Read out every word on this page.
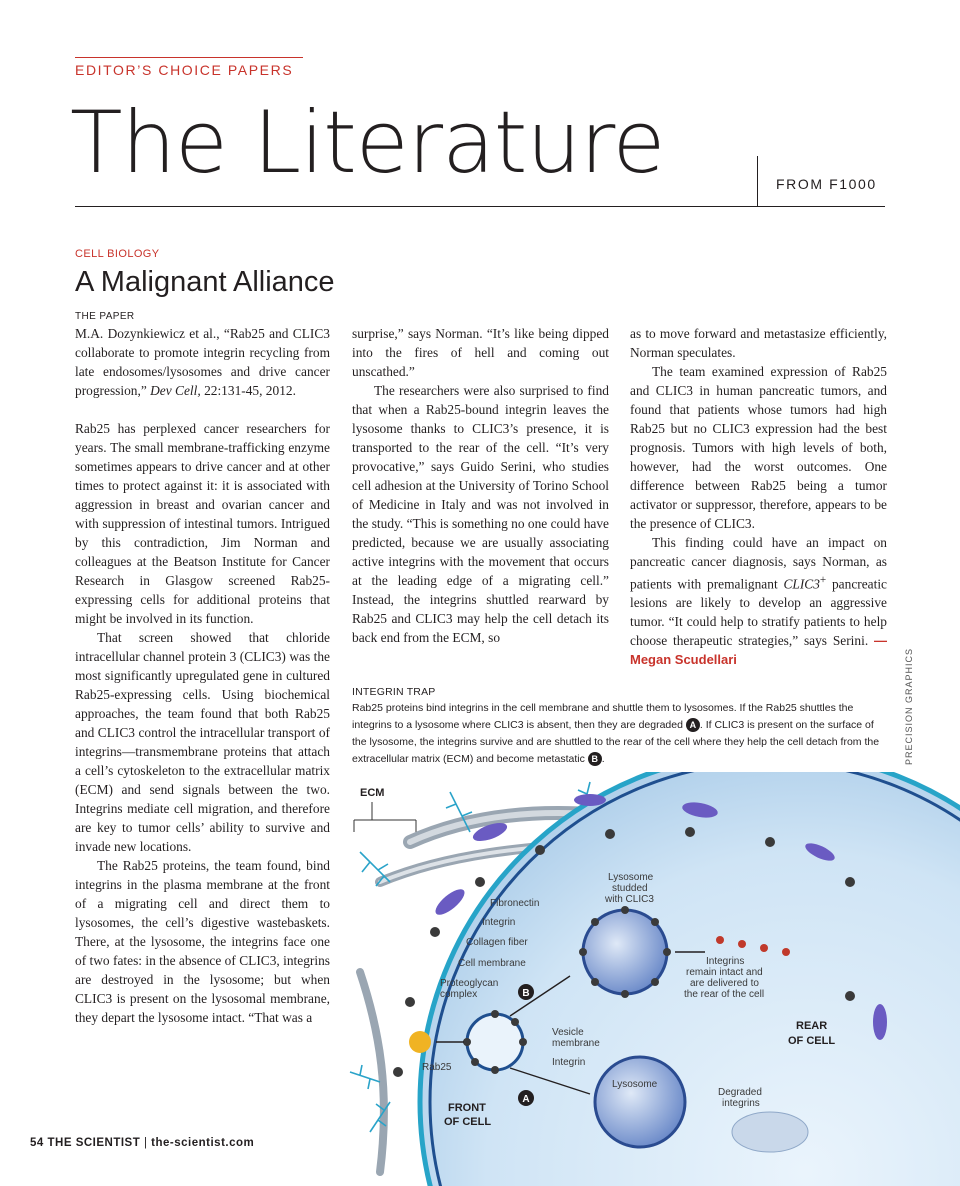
EDITOR’S CHOICE PAPERS
The Literature	FROM F1000
CELL BIOLOGY
A Malignant Alliance
THE PAPER

M.A. Dozynkiewicz et al., “Rab25 and CLIC3 collaborate to promote integrin recycling from late endosomes/lysosomes and drive cancer progression,” Dev Cell, 22:131-45, 2012.

Rab25 has perplexed cancer researchers for years. The small membrane-trafficking enzyme sometimes appears to drive cancer and at other times to protect against it: it is associated with aggression in breast and ovarian cancer and with suppression of intestinal tumors. Intrigued by this contradiction, Jim Norman and colleagues at the Beatson Institute for Cancer Research in Glasgow screened Rab25-expressing cells for additional proteins that might be involved in its function.

That screen showed that chloride intracellular channel protein 3 (CLIC3) was the most significantly upregulated gene in cultured Rab25-expressing cells. Using biochemical approaches, the team found that both Rab25 and CLIC3 control the intracellular transport of integrins—transmembrane proteins that attach a cell’s cytoskeleton to the extracellular matrix (ECM) and send signals between the two. Integrins mediate cell migration, and therefore are key to tumor cells’ ability to survive and invade new locations.

The Rab25 proteins, the team found, bind integrins in the plasma membrane at the front of a migrating cell and direct them to lysosomes, the cell’s digestive wastebaskets. There, at the lysosome, the integrins face one of two fates: in the absence of CLIC3, integrins are destroyed in the lysosome; but when CLIC3 is present on the lysosomal membrane, they depart the lysosome intact. “That was a

surprise,” says Norman. “It’s like being dipped into the fires of hell and coming out unscathed.”

The researchers were also surprised to find that when a Rab25-bound integrin leaves the lysosome thanks to CLIC3’s presence, it is transported to the rear of the cell. “It’s very provocative,” says Guido Serini, who studies cell adhesion at the University of Torino School of Medicine in Italy and was not involved in the study. “This is something no one could have predicted, because we are usually associating active integrins with the movement that occurs at the leading edge of a migrating cell.” Instead, the integrins shuttled rearward by Rab25 and CLIC3 may help the cell detach its back end from the ECM, so

as to move forward and metastasize efficiently, Norman speculates.

The team examined expression of Rab25 and CLIC3 in human pancreatic tumors, and found that patients whose tumors had high Rab25 but no CLIC3 expression had the best prognosis. Tumors with high levels of both, however, had the worst outcomes. One difference between Rab25 being a tumor activator or suppressor, therefore, appears to be the presence of CLIC3.

This finding could have an impact on pancreatic cancer diagnosis, says Norman, as patients with premalignant CLIC3+ pancreatic lesions are likely to develop an aggressive tumor. “It could help to stratify patients to help choose therapeutic strategies,” says Serini. —Megan Scudellari	PRECISION GRAPHICS
INTEGRIN TRAP
Rab25 proteins bind integrins in the cell membrane and shuttle them to lysosomes. If the Rab25 shuttles the integrins to a lysosome where CLIC3 is absent, then they are degraded A . If CLIC3 is present on the surface of the lysosome, the integrins survive and are shuttled to the rear of the cell where they help the cell detach from the extracellular matrix (ECM) and become metastatic B .
ECM
B
A
Fibronectin
Integrin
Collagen fiber
Cell membrane
Proteoglycan
complex
Rab25
Vesicle
membrane
Integrin
Lysosome
studded
with CLIC3
Integrins
remain intact and
are delivered to
the rear of the cell
REAR
OF CELL
FRONT
OF CELL
Lysosome
Degraded
integrins
54 THE SCIENTIST | the-scientist.com
